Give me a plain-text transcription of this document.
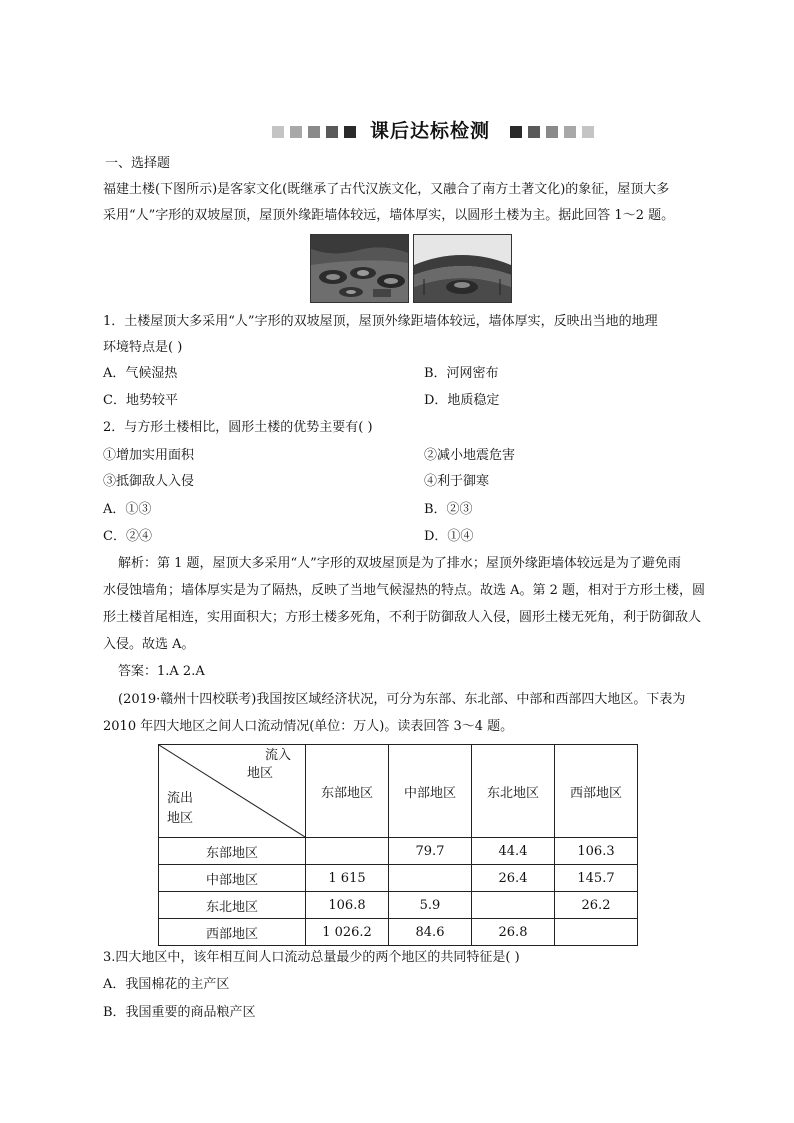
课后达标检测
一、选择题
福建土楼(下图所示)是客家文化(既继承了古代汉族文化，又融合了南方土著文化)的象征，屋顶大多
采用“人”字形的双坡屋顶，屋顶外缘距墙体较远，墙体厚实，以圆形土楼为主。据此回答 1～2 题。
1．土楼屋顶大多采用“人”字形的双坡屋顶，屋顶外缘距墙体较远，墙体厚实，反映出当地的地理
环境特点是( )
A．气候湿热	B．河网密布
C．地势较平	D．地质稳定
2．与方形土楼相比，圆形土楼的优势主要有( )
①增加实用面积	②减小地震危害
③抵御敌人入侵	④利于御寒
A．①③	B．②③
C．②④	D．①④
解析：第 1 题，屋顶大多采用“人”字形的双坡屋顶是为了排水；屋顶外缘距墙体较远是为了避免雨
水侵蚀墙角；墙体厚实是为了隔热，反映了当地气候湿热的特点。故选 A。第 2 题，相对于方形土楼，圆
形土楼首尾相连，实用面积大；方形土楼多死角，不利于防御敌人入侵，圆形土楼无死角，利于防御敌人
入侵。故选 A。
答案：1.A 2.A
(2019·赣州十四校联考)我国按区域经济状况，可分为东部、东北部、中部和西部四大地区。下表为
2010 年四大地区之间人口流动情况(单位：万人)。读表回答 3～4 题。
流入
地区
流出
地区	东部地区	中部地区	东北地区	西部地区
东部地区		79.7	44.4	106.3
中部地区	1 615		26.4	145.7
东北地区	106.8	5.9		26.2
西部地区	1 026.2	84.6	26.8	
3.四大地区中，该年相互间人口流动总量最少的两个地区的共同特征是( )
A．我国棉花的主产区
B．我国重要的商品粮产区
